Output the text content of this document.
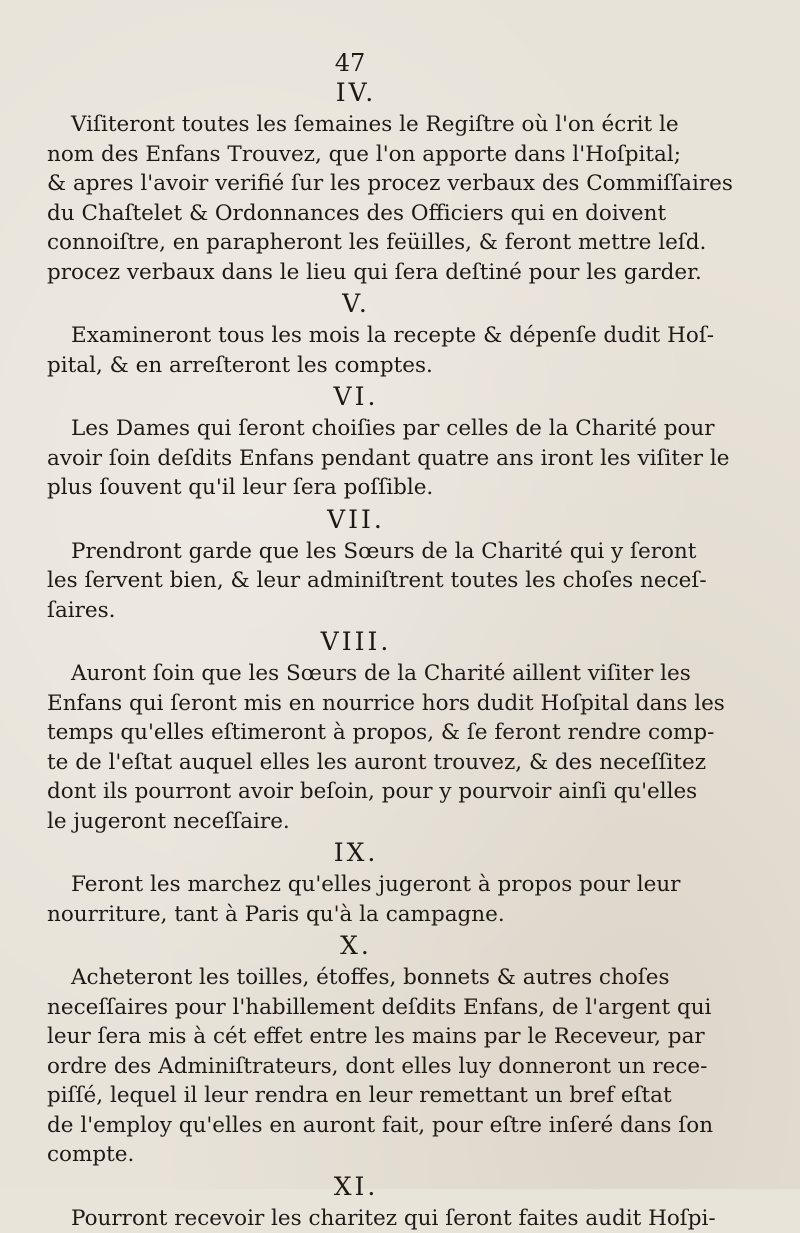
47
IV.
Viſiteront toutes les ſemaines le Regiſtre où l'on écrit le
nom des Enfans Trouvez, que l'on apporte dans l'Hoſpital;
& apres l'avoir verifié ſur les procez verbaux des Commiſſaires
du Chaſtelet & Ordonnances des Officiers qui en doivent
connoiſtre, en parapheront les feüilles, & feront mettre leſd.
procez verbaux dans le lieu qui ſera deſtiné pour les garder.
V.
Examineront tous les mois la recepte & dépenſe dudit Hoſ-
pital, & en arreſteront les comptes.
VI.
Les Dames qui ſeront choiſies par celles de la Charité pour
avoir ſoin deſdits Enfans pendant quatre ans iront les viſiter le
plus ſouvent qu'il leur ſera poſſible.
VII.
Prendront garde que les Sœurs de la Charité qui y ſeront
les ſervent bien, & leur adminiſtrent toutes les choſes neceſ-
ſaires.
VIII.
Auront ſoin que les Sœurs de la Charité aillent viſiter les
Enfans qui ſeront mis en nourrice hors dudit Hoſpital dans les
temps qu'elles eſtimeront à propos, & ſe feront rendre comp-
te de l'eſtat auquel elles les auront trouvez, & des neceſſitez
dont ils pourront avoir beſoin, pour y pourvoir ainſi qu'elles
le jugeront neceſſaire.
IX.
Feront les marchez qu'elles jugeront à propos pour leur
nourriture, tant à Paris qu'à la campagne.
X.
Acheteront les toilles, étoffes, bonnets & autres choſes
neceſſaires pour l'habillement deſdits Enfans, de l'argent qui
leur ſera mis à cét effet entre les mains par le Receveur, par
ordre des Adminiſtrateurs, dont elles luy donneront un rece-
piſſé, lequel il leur rendra en leur remettant un bref eſtat
de l'employ qu'elles en auront fait, pour eſtre inſeré dans ſon
compte.
XI.
Pourront recevoir les charitez qui ſeront faites audit Hoſpi-
